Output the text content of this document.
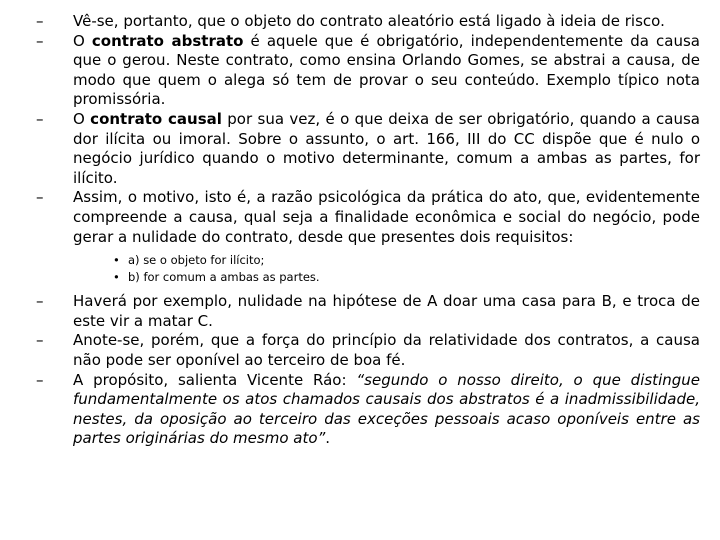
– Vê-se, portanto, que o objeto do contrato aleatório está ligado à ideia de risco.
– O contrato abstrato é aquele que é obrigatório, independentemente da causa que o gerou. Neste contrato, como ensina Orlando Gomes, se abstrai a causa, de modo que quem o alega só tem de provar o seu conteúdo. Exemplo típico nota promissória.
– O contrato causal por sua vez, é o que deixa de ser obrigatório, quando a causa dor ilícita ou imoral. Sobre o assunto, o art. 166, III do CC dispõe que é nulo o negócio jurídico quando o motivo determinante, comum a ambas as partes, for ilícito.
– Assim, o motivo, isto é, a razão psicológica da prática do ato, que, evidentemente compreende a causa, qual seja a finalidade econômica e social do negócio, pode gerar a nulidade do contrato, desde que presentes dois requisitos:
• a) se o objeto for ilícito;
• b) for comum a ambas as partes.
– Haverá por exemplo, nulidade na hipótese de A doar uma casa para B, e troca de este vir a matar C.
– Anote-se, porém, que a força do princípio da relatividade dos contratos, a causa não pode ser oponível ao terceiro de boa fé.
– A propósito, salienta Vicente Ráo: “segundo o nosso direito, o que distingue fundamentalmente os atos chamados causais dos abstratos é a inadmissibilidade, nestes, da oposição ao terceiro das exceções pessoais acaso oponíveis entre as partes originárias do mesmo ato”.
